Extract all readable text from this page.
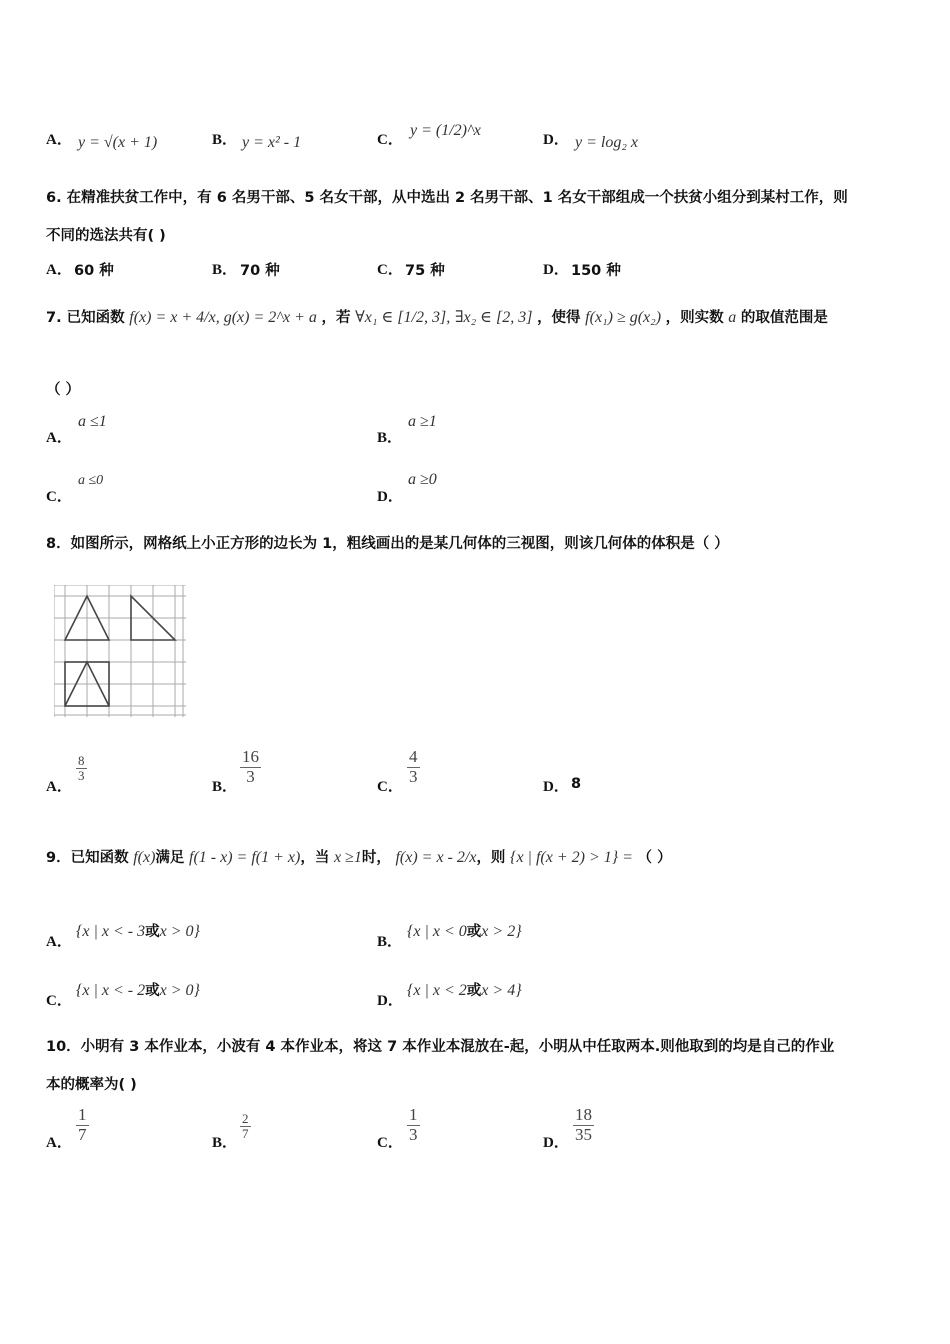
A． y = √(x + 1)	B． y = x² - 1	C．
y = (1/2)^x
D． y = log₂ x
6. 在精准扶贫工作中，有 6 名男干部、5 名女干部，从中选出 2 名男干部、1 名女干部组成一个扶贫小组分到某村工作，则
不同的选法共有( )
A． 60 种	B． 70 种	C． 75 种	D． 150 种
7. 已知函数 f(x) = x + 4/x, g(x) = 2^x + a ，若 ∀x₁ ∈ [1/2, 3], ∃x₂ ∈ [2, 3] ，使得 f(x₁) ≥ g(x₂) ，则实数 a 的取值范围是
（ ）
A．
a ≤1
B．
a ≥1
C．
a ≤0
D．
a ≥0
8．如图所示，网格纸上小正方形的边长为 1，粗线画出的是某几何体的三视图，则该几何体的体积是（ ）
A．
$\frac{8}{3}$
B．
$\frac{16}{3}$
C．
$\frac{4}{3}$
D． 8
9．已知函数 f(x)满足 f(1 - x) = f(1 + x)，当 x ≥1时， f(x) = x - 2/x，则 {x | f(x + 2) > 1} = （ ）
A．
{x | x < - 3或x > 0}
B．
{x | x < 0或x > 2}
C．
{x | x < - 2或x > 0}
D．
{x | x < 2或x > 4}
10．小明有 3 本作业本，小波有 4 本作业本，将这 7 本作业本混放在-起，小明从中任取两本.则他取到的均是自己的作业
本的概率为( )
A． $\frac{1}{7}$	B．
$\frac{2}{7}$
C． $\frac{1}{3}$	D． $\frac{18}{35}$
